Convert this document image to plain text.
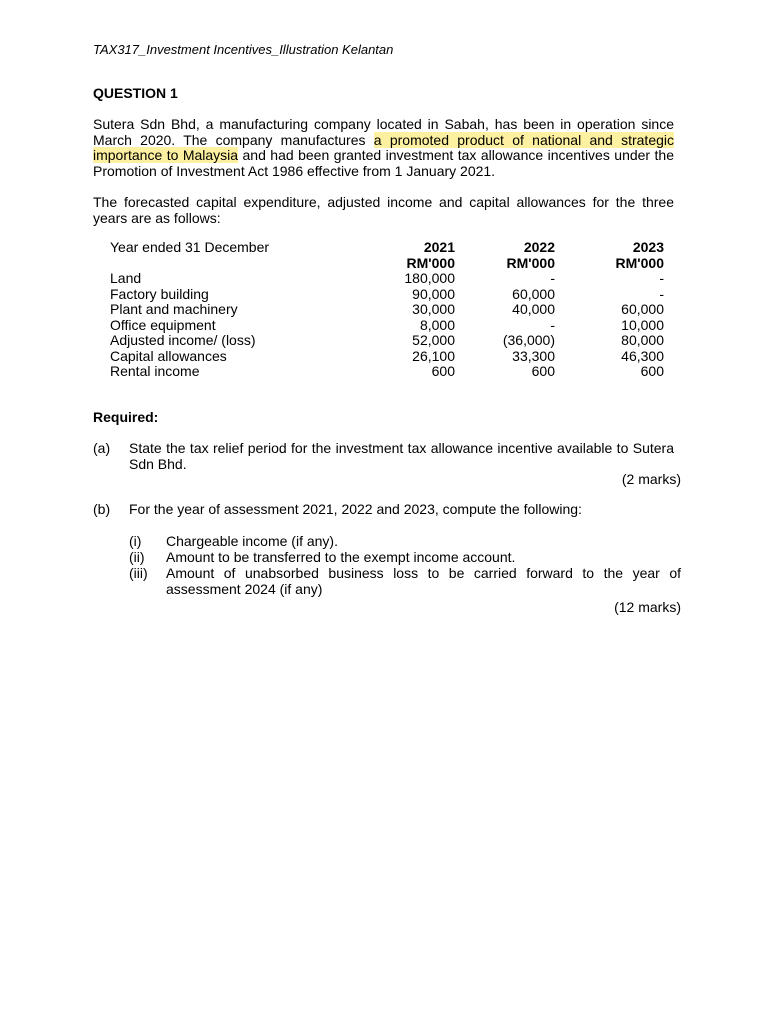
TAX317_Investment Incentives_Illustration Kelantan
QUESTION 1
Sutera Sdn Bhd, a manufacturing company located in Sabah, has been in operation since March 2020. The company manufactures a promoted product of national and strategic importance to Malaysia and had been granted investment tax allowance incentives under the Promotion of Investment Act 1986 effective from 1 January 2021.
The forecasted capital expenditure, adjusted income and capital allowances for the three years are as follows:
Year ended 31 December	2021	2022	2023
	RM'000	RM'000	RM'000
Land	180,000	-	-
Factory building	90,000	60,000	-
Plant and machinery	30,000	40,000	60,000
Office equipment	8,000	-	10,000
Adjusted income/ (loss)	52,000	(36,000)	80,000
Capital allowances	26,100	33,300	46,300
Rental income	600	600	600
Required:
(a) State the tax relief period for the investment tax allowance incentive available to Sutera Sdn Bhd.
(2 marks)
(b) For the year of assessment 2021, 2022 and 2023, compute the following:
(i) Chargeable income (if any).
(ii) Amount to be transferred to the exempt income account.
(iii) Amount of unabsorbed business loss to be carried forward to the year of assessment 2024 (if any)
(12 marks)
